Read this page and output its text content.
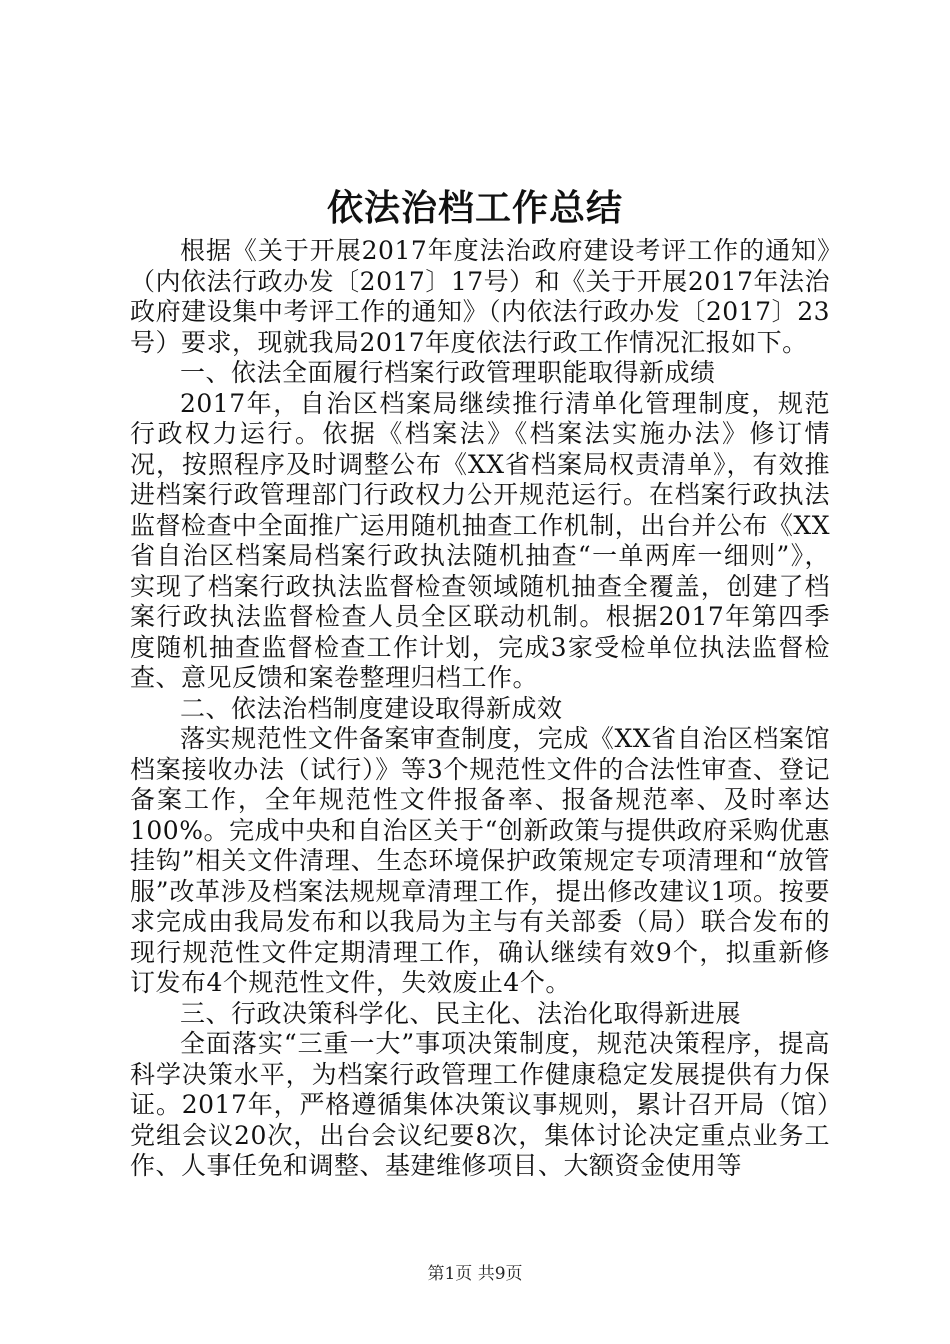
依法治档工作总结

根据《关于开展2017年度法治政府建设考评工作的通知》（内依法行政办发〔2017〕17号）和《关于开展2017年法治政府建设集中考评工作的通知》（内依法行政办发〔2017〕23号）要求，现就我局2017年度依法行政工作情况汇报如下。

一、依法全面履行档案行政管理职能取得新成绩

2017年，自治区档案局继续推行清单化管理制度，规范行政权力运行。依据《档案法》《档案法实施办法》修订情况，按照程序及时调整公布《XX省档案局权责清单》，有效推进档案行政管理部门行政权力公开规范运行。在档案行政执法监督检查中全面推广运用随机抽查工作机制，出台并公布《XX省自治区档案局档案行政执法随机抽查“一单两库一细则”》，实现了档案行政执法监督检查领域随机抽查全覆盖，创建了档案行政执法监督检查人员全区联动机制。根据2017年第四季度随机抽查监督检查工作计划，完成3家受检单位执法监督检查、意见反馈和案卷整理归档工作。

二、依法治档制度建设取得新成效

落实规范性文件备案审查制度，完成《XX省自治区档案馆档案接收办法（试行）》等3个规范性文件的合法性审查、登记备案工作，全年规范性文件报备率、报备规范率、及时率达100%。完成中央和自治区关于“创新政策与提供政府采购优惠挂钩”相关文件清理、生态环境保护政策规定专项清理和“放管服”改革涉及档案法规规章清理工作，提出修改建议1项。按要求完成由我局发布和以我局为主与有关部委（局）联合发布的现行规范性文件定期清理工作，确认继续有效9个，拟重新修订发布4个规范性文件，失效废止4个。

三、行政决策科学化、民主化、法治化取得新进展

全面落实“三重一大”事项决策制度，规范决策程序，提高科学决策水平，为档案行政管理工作健康稳定发展提供有力保证。2017年，严格遵循集体决策议事规则，累计召开局（馆）党组会议20次，出台会议纪要8次，集体讨论决定重点业务工作、人事任免和调整、基建维修项目、大额资金使用等

第1页 共9页
